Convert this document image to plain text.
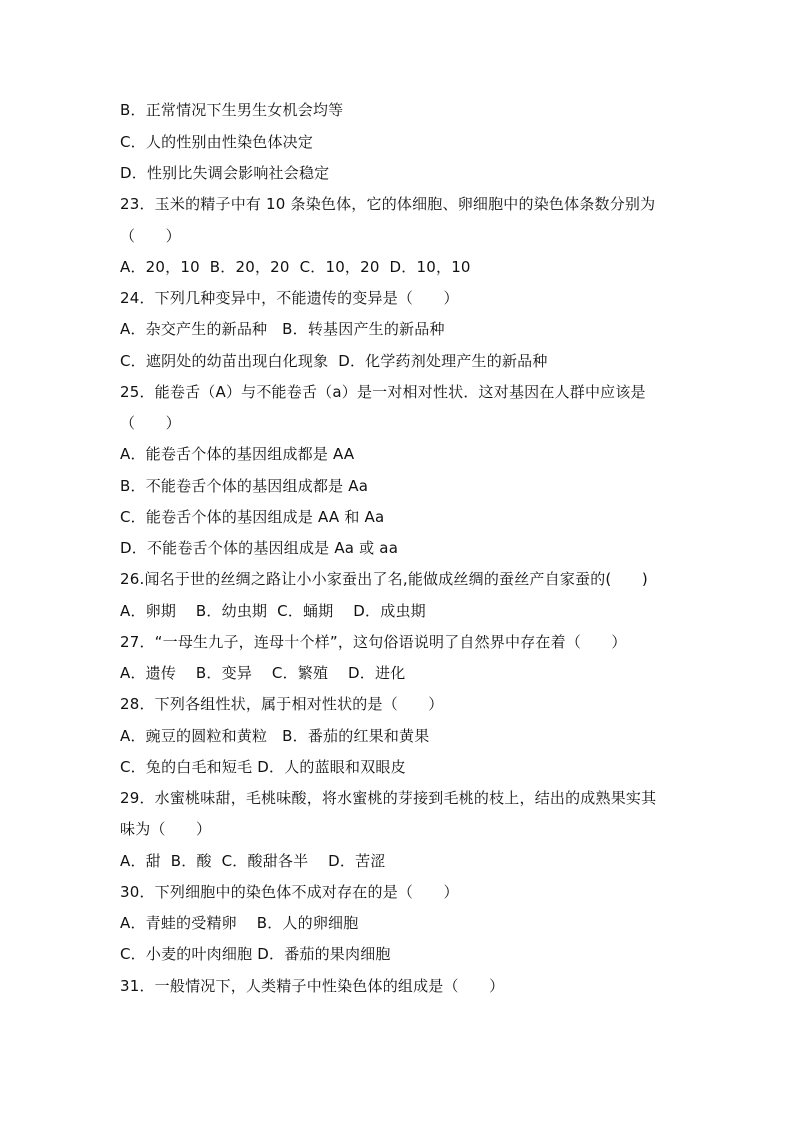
B．正常情况下生男生女机会均等
C．人的性别由性染色体决定
D．性别比失调会影响社会稳定
23．玉米的精子中有 10 条染色体，它的体细胞、卵细胞中的染色体条数分别为
（　　）
A．20，10  B．20，20  C．10，20  D．10，10
24．下列几种变异中，不能遗传的变异是（　　）
A．杂交产生的新品种   B．转基因产生的新品种
C．遮阴处的幼苗出现白化现象  D．化学药剂处理产生的新品种
25．能卷舌（A）与不能卷舌（a）是一对相对性状．这对基因在人群中应该是
（　　）
A．能卷舌个体的基因组成都是 AA
B．不能卷舌个体的基因组成都是 Aa
C．能卷舌个体的基因组成是 AA 和 Aa
D．不能卷舌个体的基因组成是 Aa 或 aa
26.闻名于世的丝绸之路让小小家蚕出了名,能做成丝绸的蚕丝产自家蚕的(　　)
A．卵期    B．幼虫期  C．蛹期    D．成虫期
27．“一母生九子，连母十个样”，这句俗语说明了自然界中存在着（　　）
A．遗传    B．变异    C．繁殖    D．进化
28．下列各组性状，属于相对性状的是（　　）
A．豌豆的圆粒和黄粒   B．番茄的红果和黄果
C．兔的白毛和短毛 D．人的蓝眼和双眼皮
29．水蜜桃味甜，毛桃味酸，将水蜜桃的芽接到毛桃的枝上，结出的成熟果实其
味为（　　）
A．甜  B．酸  C．酸甜各半    D．苦涩
30．下列细胞中的染色体不成对存在的是（　　）
A．青蛙的受精卵    B．人的卵细胞
C．小麦的叶肉细胞 D．番茄的果肉细胞
31．一般情况下，人类精子中性染色体的组成是（　　）
